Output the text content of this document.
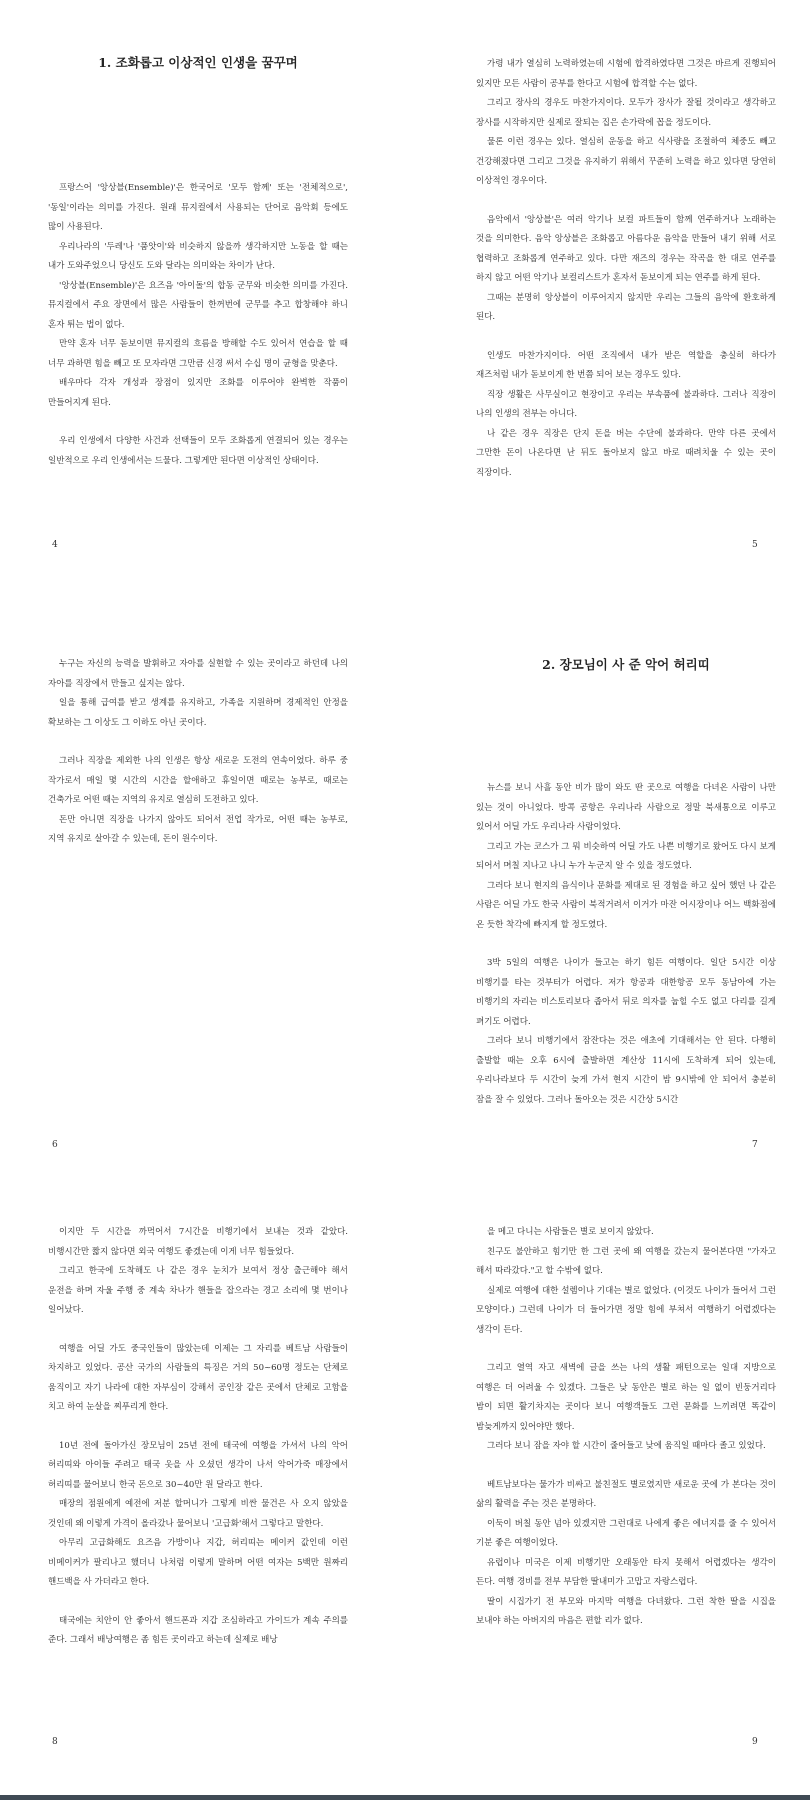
1. 조화롭고 이상적인 인생을 꿈꾸며

프랑스어 '앙상블(Ensemble)'은 한국어로 '모두 함께' 또는 '전체적으로', '동일'이라는 의미를 가진다. 원래 뮤지컬에서 사용되는 단어로 음악회 등에도 많이 사용된다.

우리나라의 '두레'나 '품앗이'와 비슷하지 않을까 생각하지만 노동을 할 때는 내가 도와주었으니 당신도 도와 달라는 의미와는 차이가 난다.

'앙상블(Ensemble)'은 요즈음 '아이돌'의 합동 군무와 비슷한 의미를 가진다. 뮤지컬에서 주요 장면에서 많은 사람들이 한꺼번에 군무를 추고 합창해야 하니 혼자 튀는 법이 없다.

만약 혼자 너무 돋보이면 뮤지컬의 흐름을 방해할 수도 있어서 연습을 할 때 너무 과하면 힘을 빼고 또 모자라면 그만큼 신경 써서 수십 명이 균형을 맞춘다.

배우마다 각자 개성과 장점이 있지만 조화를 이루어야 완벽한 작품이 만들어지게 된다.

우리 인생에서 다양한 사건과 선택들이 모두 조화롭게 연결되어 있는 경우는 일반적으로 우리 인생에서는 드물다. 그렇게만 된다면 이상적인 상태이다.

4

가령 내가 열심히 노력하였는데 시험에 합격하였다면 그것은 바르게 진행되어 있지만 모든 사람이 공부를 한다고 시험에 합격할 수는 없다.

그리고 장사의 경우도 마찬가지이다. 모두가 장사가 잘될 것이라고 생각하고 장사를 시작하지만 실제로 잘되는 집은 손가락에 꼽을 정도이다.

물론 이런 경우는 있다. 열심히 운동을 하고 식사량을 조절하여 체중도 빼고 건강해졌다면 그리고 그것을 유지하기 위해서 꾸준히 노력을 하고 있다면 당연히 이상적인 경우이다.

음악에서 '앙상블'은 여러 악기나 보컬 파트들이 함께 연주하거나 노래하는 것을 의미한다. 음악 앙상블은 조화롭고 아름다운 음악을 만들어 내기 위해 서로 협력하고 조화롭게 연주하고 있다. 다만 재즈의 경우는 작곡을 한 대로 연주를 하지 않고 어떤 악기나 보컬리스트가 혼자서 돋보이게 되는 연주를 하게 된다.

그때는 분명히 앙상블이 이루어지지 않지만 우리는 그들의 음악에 환호하게 된다.

인생도 마찬가지이다. 어떤 조직에서 내가 받은 역할을 충실히 하다가 재즈처럼 내가 돋보이게 한 번쯤 되어 보는 경우도 있다.

직장 생활은 사무실이고 현장이고 우리는 부속품에 불과하다. 그러나 직장이 나의 인생의 전부는 아니다.

나 같은 경우 직장은 단지 돈을 버는 수단에 불과하다. 만약 다른 곳에서 그만한 돈이 나온다면 난 뒤도 돌아보지 않고 바로 때려치울 수 있는 곳이 직장이다.

5

누구는 자신의 능력을 발휘하고 자아를 실현할 수 있는 곳이라고 하던데 나의 자아를 직장에서 만들고 싶지는 않다.

일을 통해 급여를 받고 생계를 유지하고, 가족을 지원하며 경제적인 안정을 확보하는 그 이상도 그 이하도 아닌 곳이다.

그러나 직장을 제외한 나의 인생은 항상 새로운 도전의 연속이었다. 하루 중 작가로서 매일 몇 시간의 시간을 할애하고 휴일이면 때로는 농부로, 때로는 건축가로 어떤 때는 지역의 유지로 열심히 도전하고 있다.

돈만 아니면 직장을 나가지 않아도 되어서 전업 작가로, 어떤 때는 농부로, 지역 유지로 살아갈 수 있는데, 돈이 원수이다.

6
2. 장모님이 사 준 악어 허리띠

뉴스를 보니 사흘 동안 비가 많이 와도 딴 곳으로 여행을 다녀온 사람이 나만 있는 것이 아니었다. 방콕 공항은 우리나라 사람으로 정말 북새통으로 이루고 있어서 어딜 가도 우리나라 사람이었다.

그리고 가는 코스가 그 뭐 비슷하여 어딜 가도 나쁜 비행기로 왔어도 다시 보게 되어서 며칠 지나고 나니 누가 누군지 알 수 있을 정도였다.

그러다 보니 현지의 음식이나 문화를 제대로 된 경험을 하고 싶어 했던 나 같은 사람은 어딜 가도 한국 사람이 북적거려서 이거가 마잔 어시장이나 어느 백화점에 온 듯한 착각에 빠지게 할 정도였다.

3박 5일의 여행은 나이가 들고는 하기 힘든 여행이다. 일단 5시간 이상 비행기를 타는 것부터가 어렵다. 저가 항공과 대한항공 모두 동남아에 가는 비행기의 자리는 비스토리보다 좁아서 뒤로 의자를 눕힐 수도 없고 다리를 길게 펴기도 어렵다.

그러다 보니 비행기에서 잠잔다는 것은 애초에 기대해서는 안 된다. 다행히 출발할 때는 오후 6시에 출발하면 계산상 11시에 도착하게 되어 있는데, 우리나라보다 두 시간이 늦게 가서 현지 시간이 밤 9시밖에 안 되어서 충분히 잠을 잘 수 있었다. 그러나 돌아오는 것은 시간상 5시간

7

이지만 두 시간을 까먹어서 7시간을 비행기에서 보내는 것과 같았다. 비행시간만 짧지 않다면 외국 여행도 좋겠는데 이게 너무 힘들었다.

그리고 한국에 도착해도 나 같은 경우 눈치가 보여서 정상 출근해야 해서 운전을 하며 자울 주행 중 계속 차나가 핸들을 잡으라는 경고 소리에 몇 번이나 일어났다.

여행을 어딜 가도 중국인들이 많았는데 이제는 그 자리를 베트남 사람들이 차지하고 있었다. 공산 국가의 사람들의 특징은 거의 50~60명 정도는 단체로 움직이고 자기 나라에 대한 자부심이 강해서 공인장 같은 곳에서 단체로 고함을 치고 하여 눈살을 찌푸리게 한다.

10년 전에 돌아가신 장모님이 25년 전에 태국에 여행을 가셔서 나의 악어 허리띠와 아이들 주려고 태국 옷을 사 오셨던 생각이 나서 악어가죽 매장에서 허리띠를 물어보니 한국 돈으로 30~40만 원 달라고 한다.

매장의 점원에게 예전에 저분 할머니가 그렇게 비싼 물건은 사 오지 않았을 것인데 왜 이렇게 가격이 올라갔나 물어보니 '고급화'해서 그렇다고 말한다.

아무리 고급화해도 요즈음 가방이나 지갑, 허리띠는 메이커 값인데 이런 비메이커가 팔리나고 했더니 나처럼 이렇게 말하며 어떤 여자는 5백만 원짜리 핸드백을 사 가더라고 한다.

태국에는 치안이 안 좋아서 핸드폰과 지갑 조심하라고 가이드가 계속 주의를 준다. 그래서 배낭여행은 좀 힘든 곳이라고 하는데 실제로 배낭

8

을 메고 다니는 사람들은 별로 보이지 않았다.

친구도 불안하고 힘기만 한 그런 곳에 왜 여행을 갔는지 물어본다면 "가자고 해서 따라갔다."고 할 수밖에 없다.

실제로 여행에 대한 설렘이나 기대는 별로 없었다. (이것도 나이가 들어서 그런 모양이다.) 그런데 나이가 더 들어가면 정말 힘에 부쳐서 여행하기 어렵겠다는 생각이 든다.

그리고 열역 자고 새벽에 글을 쓰는 나의 생활 패턴으로는 일대 지방으로 여행은 더 어려울 수 있겠다. 그들은 낮 동안은 별로 하는 일 없이 빈둥거리다 밤이 되면 활기차지는 곳이다 보니 여행객들도 그런 문화를 느끼려면 똑같이 밤늦게까지 있어야만 했다.

그러다 보니 잠을 자야 할 시간이 줄어들고 낮에 움직일 때마다 졸고 있었다.

베트남보다는 물가가 비싸고 불친절도 별로였지만 새로운 곳에 가 본다는 것이 삶의 활력을 주는 것은 분명하다.

이둑이 버칠 동안 넘아 있겠지만 그런대로 나에게 좋은 에너지를 줄 수 있어서 기분 좋은 여행이었다.

유럽이나 미국은 이제 비행기만 오래동안 타지 못해서 어렵겠다는 생각이 든다. 여행 경비를 전부 부담한 딸내미가 고맙고 자랑스럽다.

딸이 시집가기 전 부모와 마지막 여행을 다녀왔다. 그런 착한 딸을 시집을 보내야 하는 아버지의 마음은 편할 리가 없다.

9
